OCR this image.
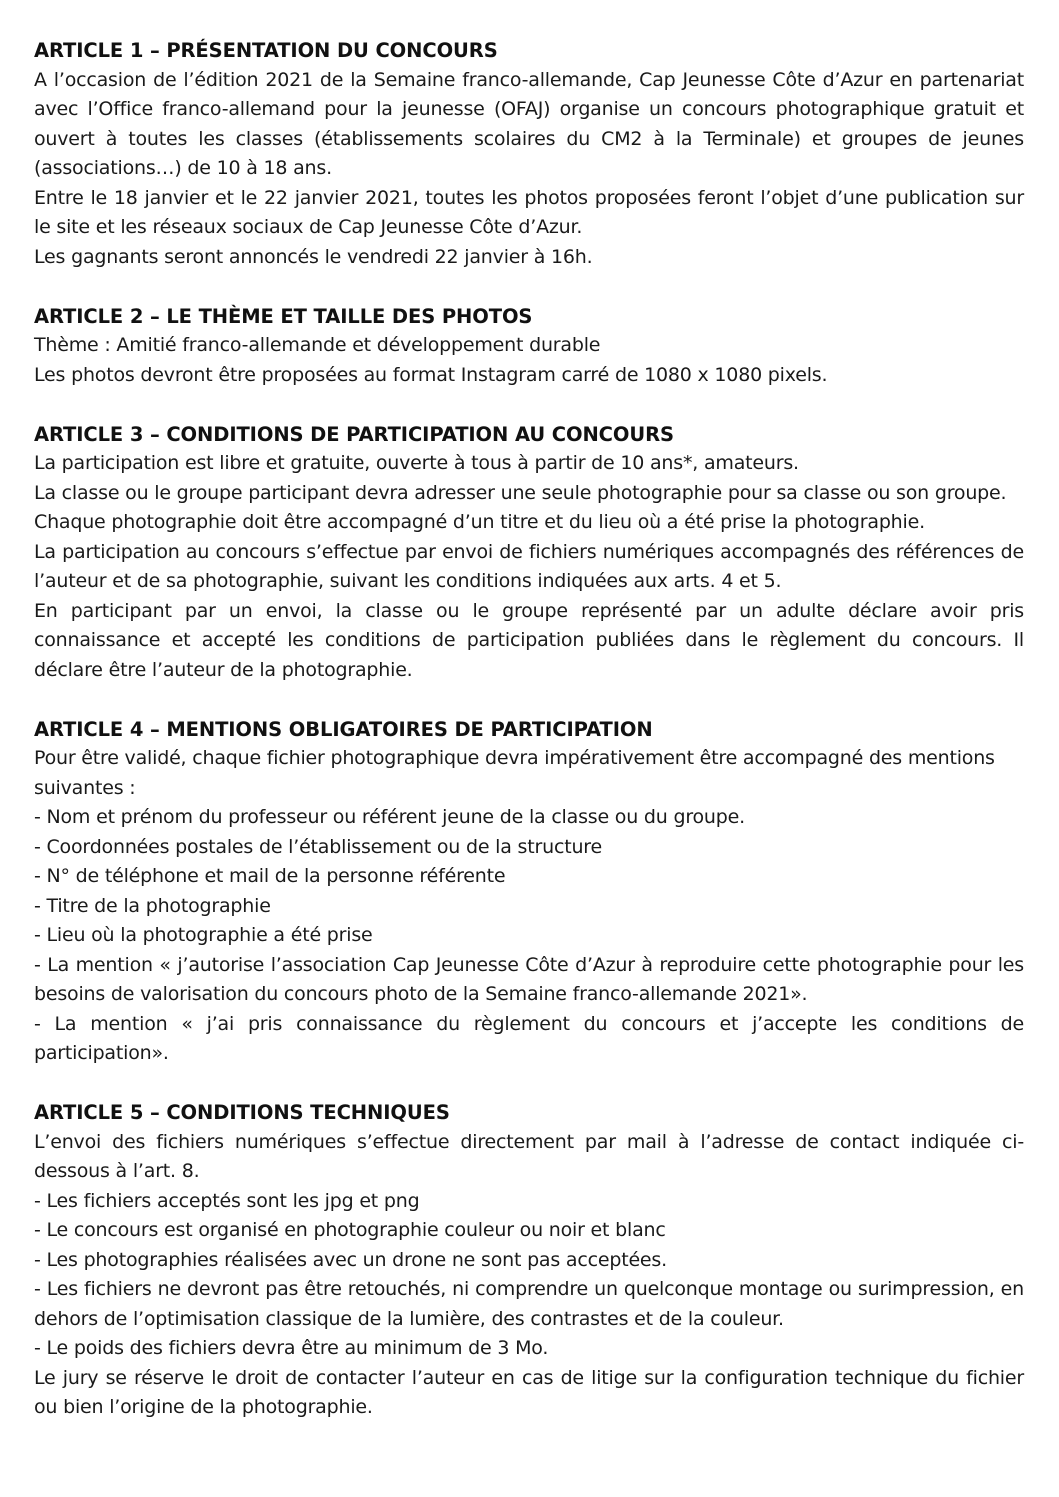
ARTICLE 1 – PRÉSENTATION DU CONCOURS

A l’occasion de l’édition 2021 de la Semaine franco-allemande, Cap Jeunesse Côte d’Azur en partenariat avec l’Office franco-allemand pour la jeunesse (OFAJ) organise un concours photographique gratuit et ouvert à toutes les classes (établissements scolaires du CM2 à la Terminale) et groupes de jeunes (associations…) de 10 à 18 ans.

Entre le 18 janvier et le 22 janvier 2021, toutes les photos proposées feront l’objet d’une publication sur le site et les réseaux sociaux de Cap Jeunesse Côte d’Azur.

Les gagnants seront annoncés le vendredi 22 janvier à 16h.

ARTICLE 2 – LE THÈME ET TAILLE DES PHOTOS

Thème : Amitié franco-allemande et développement durable

Les photos devront être proposées au format Instagram carré de 1080 x 1080 pixels.

ARTICLE 3 – CONDITIONS DE PARTICIPATION AU CONCOURS

La participation est libre et gratuite, ouverte à tous à partir de 10 ans*, amateurs.

La classe ou le groupe participant devra adresser une seule photographie pour sa classe ou son groupe.

Chaque photographie doit être accompagné d’un titre et du lieu où a été prise la photographie.

La participation au concours s’effectue par envoi de fichiers numériques accompagnés des références de l’auteur et de sa photographie, suivant les conditions indiquées aux arts. 4 et 5.

En participant par un envoi, la classe ou le groupe représenté par un adulte déclare avoir pris connaissance et accepté les conditions de participation publiées dans le règlement du concours. Il déclare être l’auteur de la photographie.

ARTICLE 4 – MENTIONS OBLIGATOIRES DE PARTICIPATION

Pour être validé, chaque fichier photographique devra impérativement être accompagné des mentions suivantes :

- Nom et prénom du professeur ou référent jeune de la classe ou du groupe.

- Coordonnées postales de l’établissement ou de la structure

- N° de téléphone et mail de la personne référente

- Titre de la photographie

- Lieu où la photographie a été prise

- La mention « j’autorise l’association Cap Jeunesse Côte d’Azur à reproduire cette photographie pour les besoins de valorisation du concours photo de la Semaine franco-allemande 2021».

- La mention « j’ai pris connaissance du règlement du concours et j’accepte les conditions de participation».

ARTICLE 5 – CONDITIONS TECHNIQUES

L’envoi des fichiers numériques s’effectue directement par mail à l’adresse de contact indiquée ci-dessous à l’art. 8.

- Les fichiers acceptés sont les jpg et png

- Le concours est organisé en photographie couleur ou noir et blanc

- Les photographies réalisées avec un drone ne sont pas acceptées.

- Les fichiers ne devront pas être retouchés, ni comprendre un quelconque montage ou surimpression, en dehors de l’optimisation classique de la lumière, des contrastes et de la couleur.

- Le poids des fichiers devra être au minimum de 3 Mo.

Le jury se réserve le droit de contacter l’auteur en cas de litige sur la configuration technique du fichier ou bien l’origine de la photographie.
